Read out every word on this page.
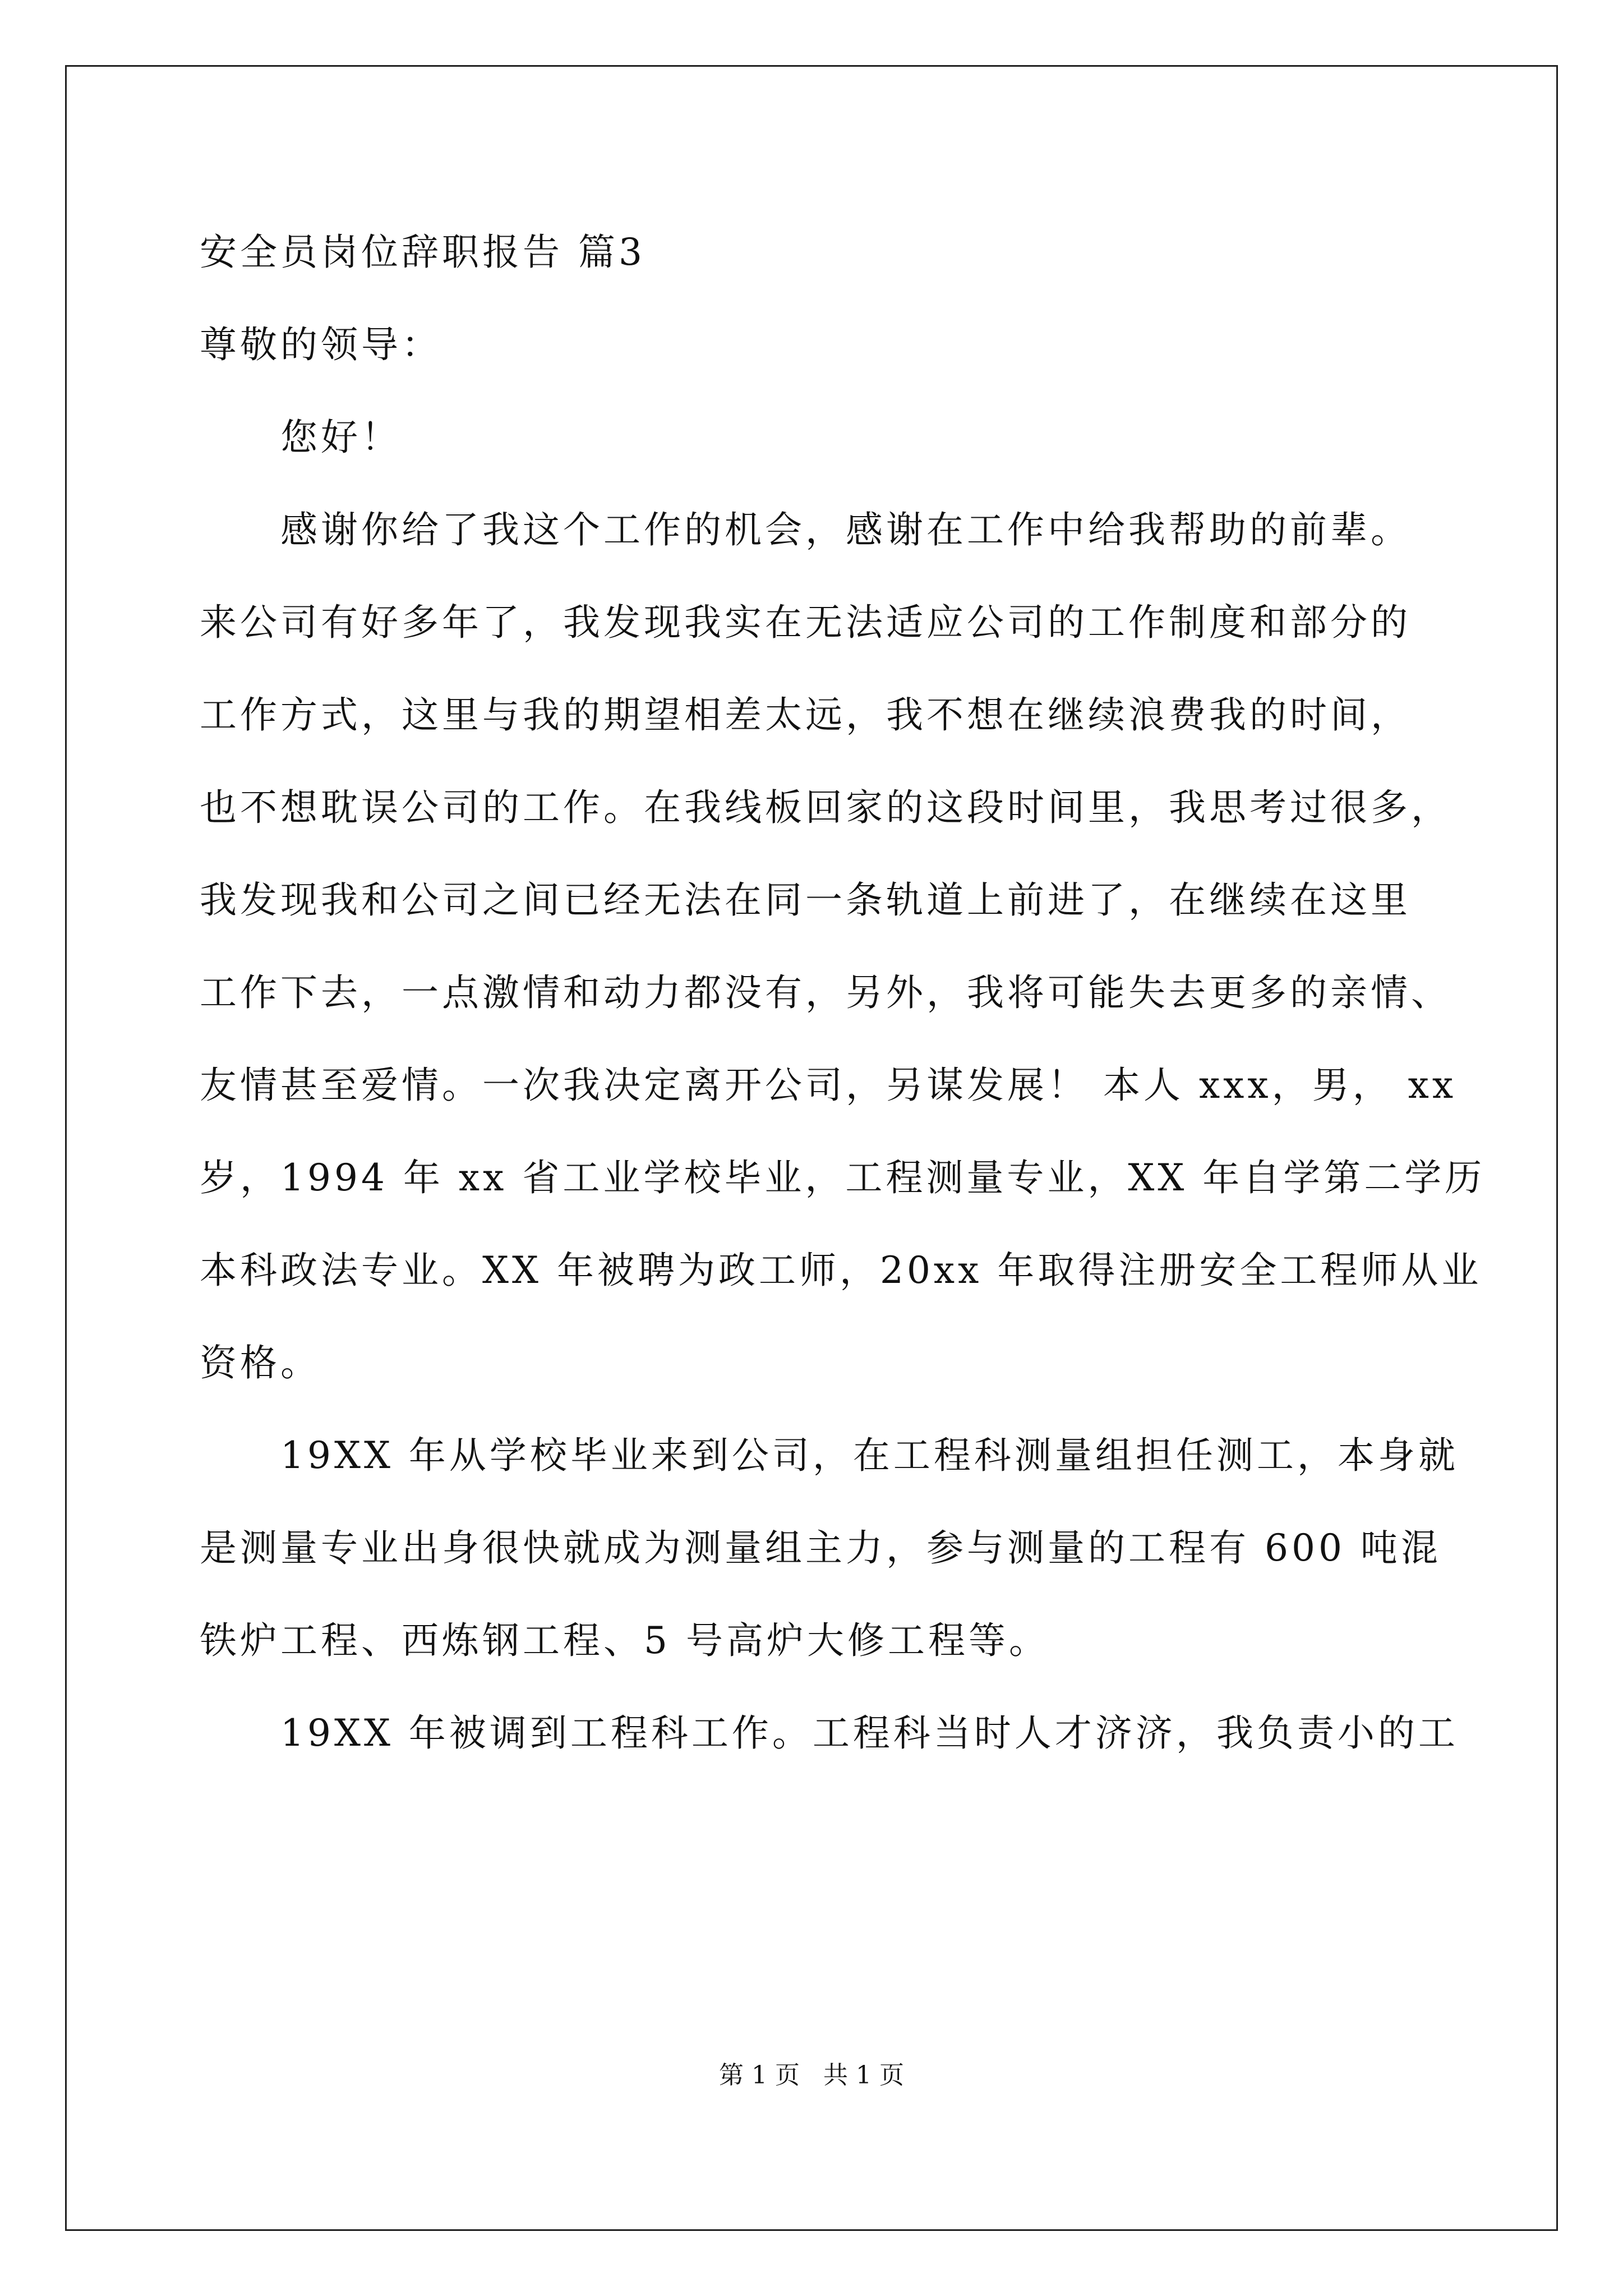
安全员岗位辞职报告 篇3
尊敬的领导：
您好！
感谢你给了我这个工作的机会，感谢在工作中给我帮助的前辈。
来公司有好多年了，我发现我实在无法适应公司的工作制度和部分的
工作方式，这里与我的期望相差太远，我不想在继续浪费我的时间，
也不想耽误公司的工作。在我线板回家的这段时间里，我思考过很多，
我发现我和公司之间已经无法在同一条轨道上前进了，在继续在这里
工作下去，一点激情和动力都没有，另外，我将可能失去更多的亲情、
友情甚至爱情。一次我决定离开公司，另谋发展！ 本人 xxx，男， xx
岁，1994 年 xx 省工业学校毕业，工程测量专业，XX 年自学第二学历
本科政法专业。XX 年被聘为政工师，20xx 年取得注册安全工程师从业
资格。
19XX 年从学校毕业来到公司，在工程科测量组担任测工，本身就
是测量专业出身很快就成为测量组主力，参与测量的工程有 600 吨混
铁炉工程、西炼钢工程、5 号高炉大修工程等。
19XX 年被调到工程科工作。工程科当时人才济济，我负责小的工
第 1 页   共 1 页
